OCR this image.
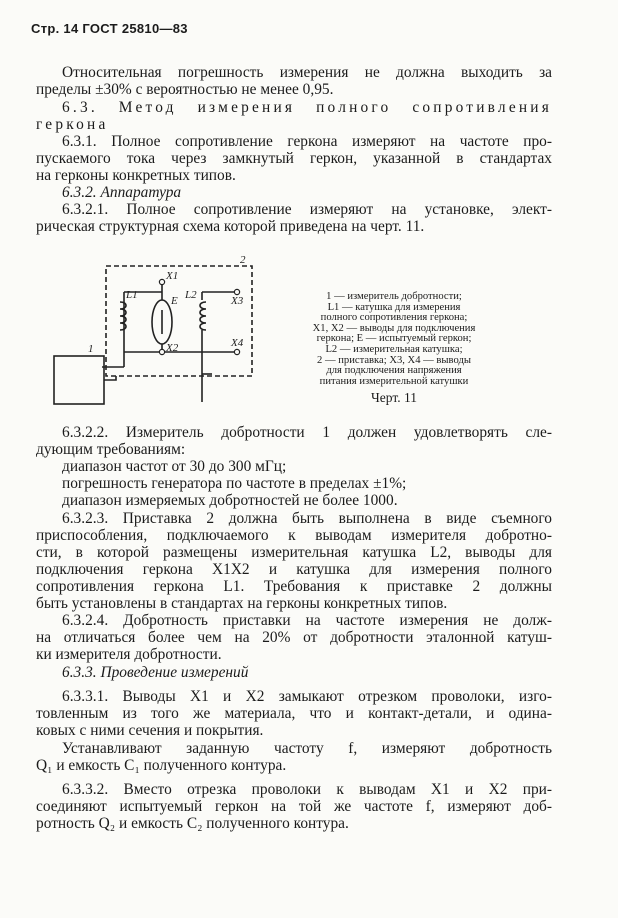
Стр. 14 ГОСТ 25810—83
Относительная погрешность измерения не должна выходить за
пределы ±30% с вероятностью не менее 0,95.
6.3. Метод измерения полного сопротивления
геркона
6.3.1. Полное сопротивление геркона измеряют на частоте про-
пускаемого тока через замкнутый геркон, указанной в стандартах
на герконы конкретных типов.
6.3.2. Аппаратура
6.3.2.1. Полное сопротивление измеряют на установке, элект-
рическая структурная схема которой приведена на черт. 11.
6.3.2.2. Измеритель добротности 1 должен удовлетворять сле-
дующим требованиям:
диапазон частот от 30 до 300 мГц;
погрешность генератора по частоте в пределах ±1%;
диапазон измеряемых добротностей не более 1000.
6.3.2.3. Приставка 2 должна быть выполнена в виде съемного
приспособления, подключаемого к выводам измерителя добротно-
сти, в которой размещены измерительная катушка L2, выводы для
подключения геркона X1X2 и катушка для измерения полного
сопротивления геркона L1. Требования к приставке 2 должны
быть установлены в стандартах на герконы конкретных типов.
6.3.2.4. Добротность приставки на частоте измерения не долж-
на отличаться более чем на 20% от добротности эталонной катуш-
ки измерителя добротности.
6.3.3. Проведение измерений
6.3.3.1. Выводы X1 и X2 замыкают отрезком проволоки, изго-
товленным из того же материала, что и контакт-детали, и одина-
ковых с ними сечения и покрытия.
Устанавливают заданную частоту f, измеряют добротность
Q₁ и емкость C₁ полученного контура.
6.3.3.2. Вместо отрезка проволоки к выводам X1 и X2 при-
соединяют испытуемый геркон на той же частоте f, измеряют доб-
ротность Q₂ и емкость C₂ полученного контура.
1
2
L1	E L2
X1
X2
X3
X4
1 — измеритель добротности;
L1 — катушка для измерения
полного сопротивления геркона;
X1, X2 — выводы для подключения
геркона; E — испытуемый геркон;
L2 — измерительная катушка;
2 — приставка; X3, X4 — выводы
для подключения напряжения
питания измерительной катушки
Черт. 11
